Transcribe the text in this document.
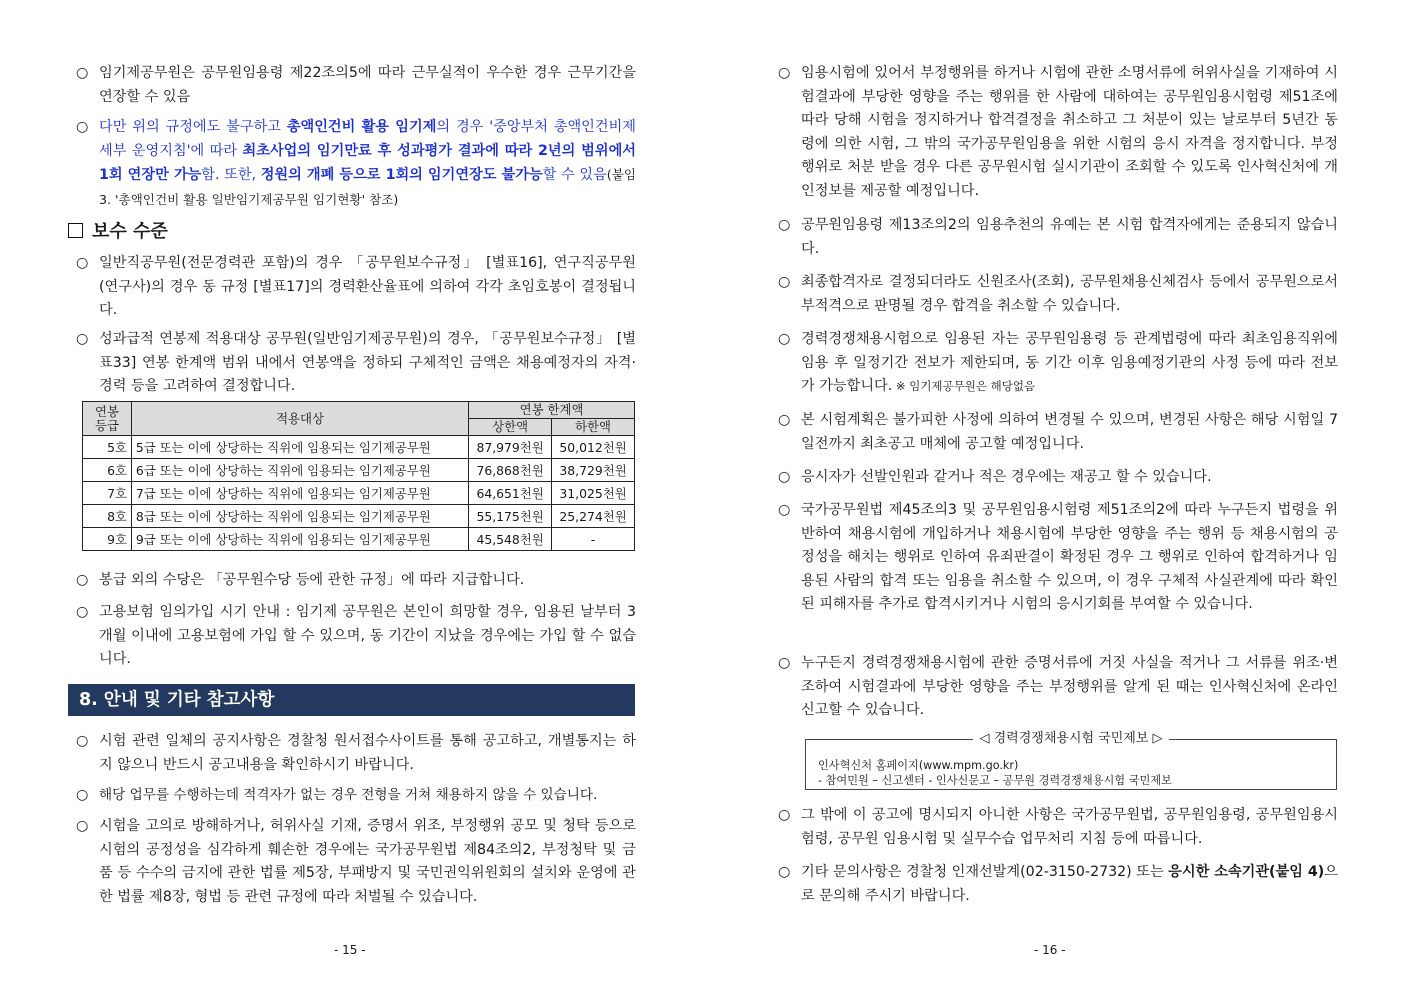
○ 임기제공무원은 공무원임용령 제22조의5에 따라 근무실적이 우수한 경우 근무기간을 연장할 수 있음
○ 다만 위의 규정에도 불구하고 총액인건비 활용 임기제의 경우 '중앙부처 총액인건비제 세부 운영지침'에 따라 최초사업의 임기만료 후 성과평가 결과에 따라 2년의 범위에서 1회 연장만 가능함. 또한, 정원의 개폐 등으로 1회의 임기연장도 불가능할 수 있음(붙임3. '총액인건비 활용 일반임기제공무원 임기현황' 참조)
보수 수준
○ 일반직공무원(전문경력관 포함)의 경우 「공무원보수규정」 [별표16], 연구직공무원(연구사)의 경우 동 규정 [별표17]의 경력환산율표에 의하여 각각 초임호봉이 결정됩니다.
○ 성과급적 연봉제 적용대상 공무원(일반임기제공무원)의 경우, 「공무원보수규정」 [별표33] 연봉 한계액 범위 내에서 연봉액을 정하되 구체적인 금액은 채용예정자의 자격·경력 등을 고려하여 결정합니다.
연봉
등급	적용대상	연봉 한계액	
		상한액	하한액
5호	5급 또는 이에 상당하는 직위에 임용되는 임기제공무원	87,979천원	50,012천원
6호	6급 또는 이에 상당하는 직위에 임용되는 임기제공무원	76,868천원	38,729천원
7호	7급 또는 이에 상당하는 직위에 임용되는 임기제공무원	64,651천원	31,025천원
8호	8급 또는 이에 상당하는 직위에 임용되는 임기제공무원	55,175천원	25,274천원
9호	9급 또는 이에 상당하는 직위에 임용되는 임기제공무원	45,548천원	-
○ 봉급 외의 수당은 「공무원수당 등에 관한 규정」에 따라 지급합니다.
○ 고용보험 임의가입 시기 안내 : 임기제 공무원은 본인이 희망할 경우, 임용된 날부터 3개월 이내에 고용보험에 가입 할 수 있으며, 동 기간이 지났을 경우에는 가입 할 수 없습니다.
8. 안내 및 기타 참고사항
○ 시험 관련 일체의 공지사항은 경찰청 원서접수사이트를 통해 공고하고, 개별통지는 하지 않으니 반드시 공고내용을 확인하시기 바랍니다.
○ 해당 업무를 수행하는데 적격자가 없는 경우 전형을 거쳐 채용하지 않을 수 있습니다.
○ 시험을 고의로 방해하거나, 허위사실 기재, 증명서 위조, 부정행위 공모 및 청탁 등으로 시험의 공정성을 심각하게 훼손한 경우에는 국가공무원법 제84조의2, 부정청탁 및 금품 등 수수의 금지에 관한 법률 제5장, 부패방지 및 국민권익위원회의 설치와 운영에 관한 법률 제8장, 형법 등 관련 규정에 따라 처벌될 수 있습니다.
- 15 -
○ 임용시험에 있어서 부정행위를 하거나 시험에 관한 소명서류에 허위사실을 기재하여 시험결과에 부당한 영향을 주는 행위를 한 사람에 대하여는 공무원임용시험령 제51조에 따라 당해 시험을 정지하거나 합격결정을 취소하고 그 처분이 있는 날로부터 5년간 동 령에 의한 시험, 그 밖의 국가공무원임용을 위한 시험의 응시 자격을 정지합니다. 부정행위로 처분 받을 경우 다른 공무원시험 실시기관이 조회할 수 있도록 인사혁신처에 개인정보를 제공할 예정입니다.
○ 공무원임용령 제13조의2의 임용추천의 유예는 본 시험 합격자에게는 준용되지 않습니다.
○ 최종합격자로 결정되더라도 신원조사(조회), 공무원채용신체검사 등에서 공무원으로서 부적격으로 판명될 경우 합격을 취소할 수 있습니다.
○ 경력경쟁채용시험으로 임용된 자는 공무원임용령 등 관계법령에 따라 최초임용직위에 임용 후 일정기간 전보가 제한되며, 동 기간 이후 임용예정기관의 사정 등에 따라 전보가 가능합니다. ※ 임기제공무원은 해당없음
○ 본 시험계획은 불가피한 사정에 의하여 변경될 수 있으며, 변경된 사항은 해당 시험일 7일전까지 최초공고 매체에 공고할 예정입니다.
○ 응시자가 선발인원과 같거나 적은 경우에는 재공고 할 수 있습니다.
○ 국가공무원법 제45조의3 및 공무원임용시험령 제51조의2에 따라 누구든지 법령을 위반하여 채용시험에 개입하거나 채용시험에 부당한 영향을 주는 행위 등 채용시험의 공정성을 해치는 행위로 인하여 유죄판결이 확정된 경우 그 행위로 인하여 합격하거나 임용된 사람의 합격 또는 임용을 취소할 수 있으며, 이 경우 구체적 사실관계에 따라 확인된 피해자를 추가로 합격시키거나 시험의 응시기회를 부여할 수 있습니다.
○ 누구든지 경력경쟁채용시험에 관한 증명서류에 거짓 사실을 적거나 그 서류를 위조·변조하여 시험결과에 부당한 영향을 주는 부정행위를 알게 된 때는 인사혁신처에 온라인 신고할 수 있습니다.
◁ 경력경쟁채용시험 국민제보 ▷
인사혁신처 홈페이지(www.mpm.go.kr)
- 참여민원 – 신고센터 - 인사신문고 – 공무원 경력경쟁채용시험 국민제보
○ 그 밖에 이 공고에 명시되지 아니한 사항은 국가공무원법, 공무원임용령, 공무원임용시험령, 공무원 임용시험 및 실무수습 업무처리 지침 등에 따릅니다.
○ 기타 문의사항은 경찰청 인재선발계(02-3150-2732) 또는 응시한 소속기관(붙임 4)으로 문의해 주시기 바랍니다.
- 16 -
